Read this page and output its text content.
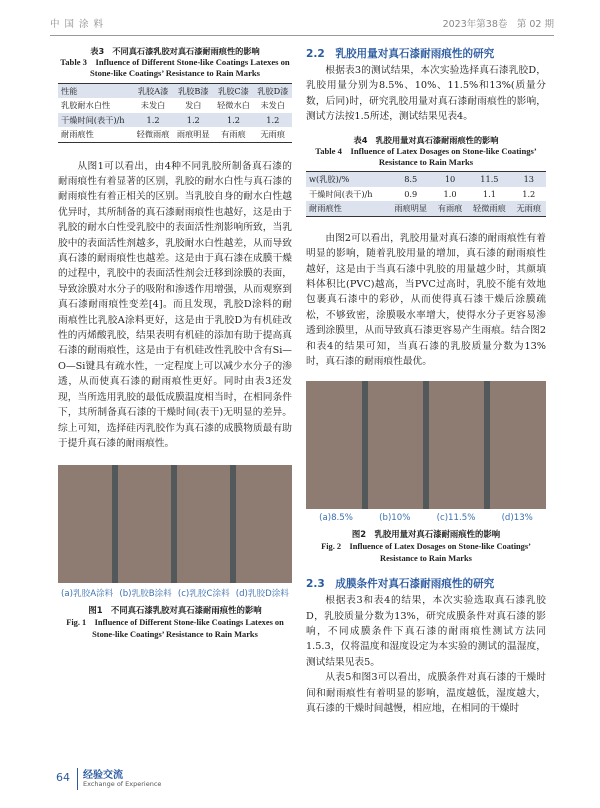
中 国 涂 料	2023年第38卷　第 02 期
表3　不同真石漆乳胶对真石漆耐雨痕性的影响
Table 3　Influence of Different Stone-like Coatings Latexes on Stone-like Coatings’ Resistance to Rain Marks
性能	乳胶A漆	乳胶B漆	乳胶C漆	乳胶D漆
乳胶耐水白性	未发白	发白	轻微水白	未发白
干燥时间(表干)/h	1.2	1.2	1.2	1.2
耐雨痕性	轻微雨痕	雨痕明显	有雨痕	无雨痕

从图1可以看出，由4种不同乳胶所制备真石漆的耐雨痕性有着显著的区别，乳胶的耐水白性与真石漆的耐雨痕性有着正相关的区别。当乳胶自身的耐水白性越优异时，其所制备的真石漆耐雨痕性也越好，这是由于乳胶的耐水白性受乳胶中的表面活性剂影响所致，当乳胶中的表面活性剂越多，乳胶耐水白性越差，从而导致真石漆的耐雨痕性也越差。这是由于真石漆在成膜干燥的过程中，乳胶中的表面活性剂会迁移到涂膜的表面，导致涂膜对水分子的吸附和渗透作用增强，从而观察到真石漆耐雨痕性变差[4]。而且发现，乳胶D涂料的耐雨痕性比乳胶A涂料更好，这是由于乳胶D为有机硅改性的丙烯酸乳胶，结果表明有机硅的添加有助于提高真石漆的耐雨痕性，这是由于有机硅改性乳胶中含有Si—O—Si键具有疏水性，一定程度上可以减少水分子的渗透，从而使真石漆的耐雨痕性更好。同时由表3还发现，当所选用乳胶的最低成膜温度相当时，在相同条件下，其所制备真石漆的干燥时间(表干)无明显的差异。综上可知，选择硅丙乳胶作为真石漆的成膜物质最有助于提升真石漆的耐雨痕性。

(a)乳胶A涂料 (b)乳胶B涂料 (c)乳胶C涂料 (d)乳胶D涂料
图1　不同真石漆乳胶对真石漆耐雨痕性的影响
Fig. 1　Influence of Different Stone-like Coatings Latexes on Stone-like Coatings’ Resistance to Rain Marks
2.2　乳胶用量对真石漆耐雨痕性的研究

根据表3的测试结果，本次实验选择真石漆乳胶D，乳胶用量分别为8.5%、10%、11.5%和13%(质量分数，后同)时，研究乳胶用量对真石漆耐雨痕性的影响，测试方法按1.5所述，测试结果见表4。

表4　乳胶用量对真石漆耐雨痕性的影响
Table 4　Influence of Latex Dosages on Stone-like Coatings’ Resistance to Rain Marks
w(乳胶)/%	8.5	10	11.5	13
干燥时间(表干)/h	0.9	1.0	1.1	1.2
耐雨痕性	雨痕明显	有雨痕	轻微雨痕	无雨痕

由图2可以看出，乳胶用量对真石漆的耐雨痕性有着明显的影响，随着乳胶用量的增加，真石漆的耐雨痕性越好，这是由于当真石漆中乳胶的用量越少时，其颜填料体积比(PVC)越高，当PVC过高时，乳胶不能有效地包裹真石漆中的彩砂，从而使得真石漆干燥后涂膜疏松，不够致密，涂膜吸水率增大，使得水分子更容易渗透到涂膜里，从而导致真石漆更容易产生雨痕。结合图2和表4的结果可知，当真石漆的乳胶质量分数为13%时，真石漆的耐雨痕性最优。

(a)8.5%	(b)10%	(c)11.5%	(d)13%
图2　乳胶用量对真石漆耐雨痕性的影响
Fig. 2　Influence of Latex Dosages on Stone-like Coatings’ Resistance to Rain Marks
2.3　成膜条件对真石漆耐雨痕性的研究

根据表3和表4的结果，本次实验选取真石漆乳胶D，乳胶质量分数为13%，研究成膜条件对真石漆的影响，不同成膜条件下真石漆的耐雨痕性测试方法同1.5.3，仅将温度和湿度设定为本实验的测试的温湿度，测试结果见表5。

从表5和图3可以看出，成膜条件对真石漆的干燥时间和耐雨痕性有着明显的影响，温度越低，湿度越大，真石漆的干燥时间越慢，相应地，在相同的干燥时

64 经验交流
Exchange of Experience
